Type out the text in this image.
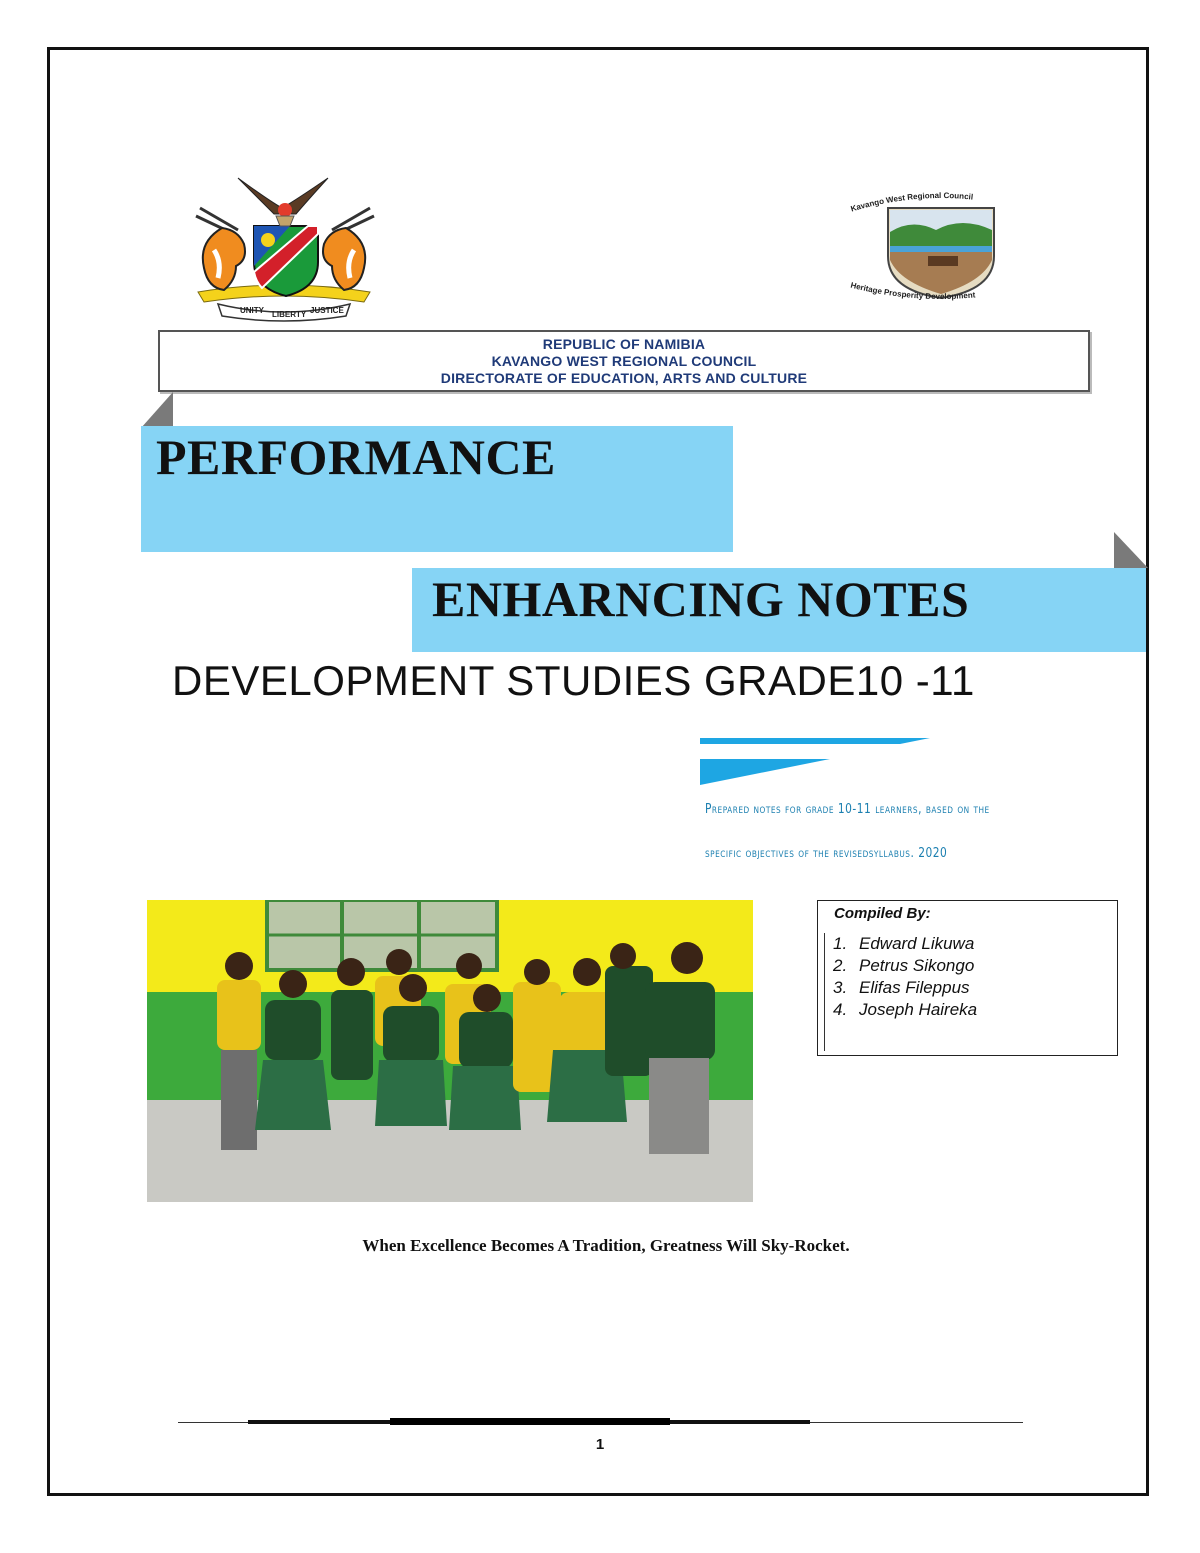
UNITY LIBERTY JUSTICE
Kavango West Regional Council
Heritage Prosperity Development
REPUBLIC OF NAMIBIA
KAVANGO WEST REGIONAL COUNCIL
DIRECTORATE OF EDUCATION, ARTS AND CULTURE
PERFORMANCE
ENHARNCING NOTES
DEVELOPMENT STUDIES GRADE10 -11
Prepared notes for grade 10-11 learners, based on the
specific objectives of the revisedsyllabus. 2020
Compiled By:
1. Edward Likuwa
2. Petrus Sikongo
3. Elifas Fileppus
4. Joseph Haireka
When Excellence Becomes A Tradition, Greatness Will Sky-Rocket.
1
